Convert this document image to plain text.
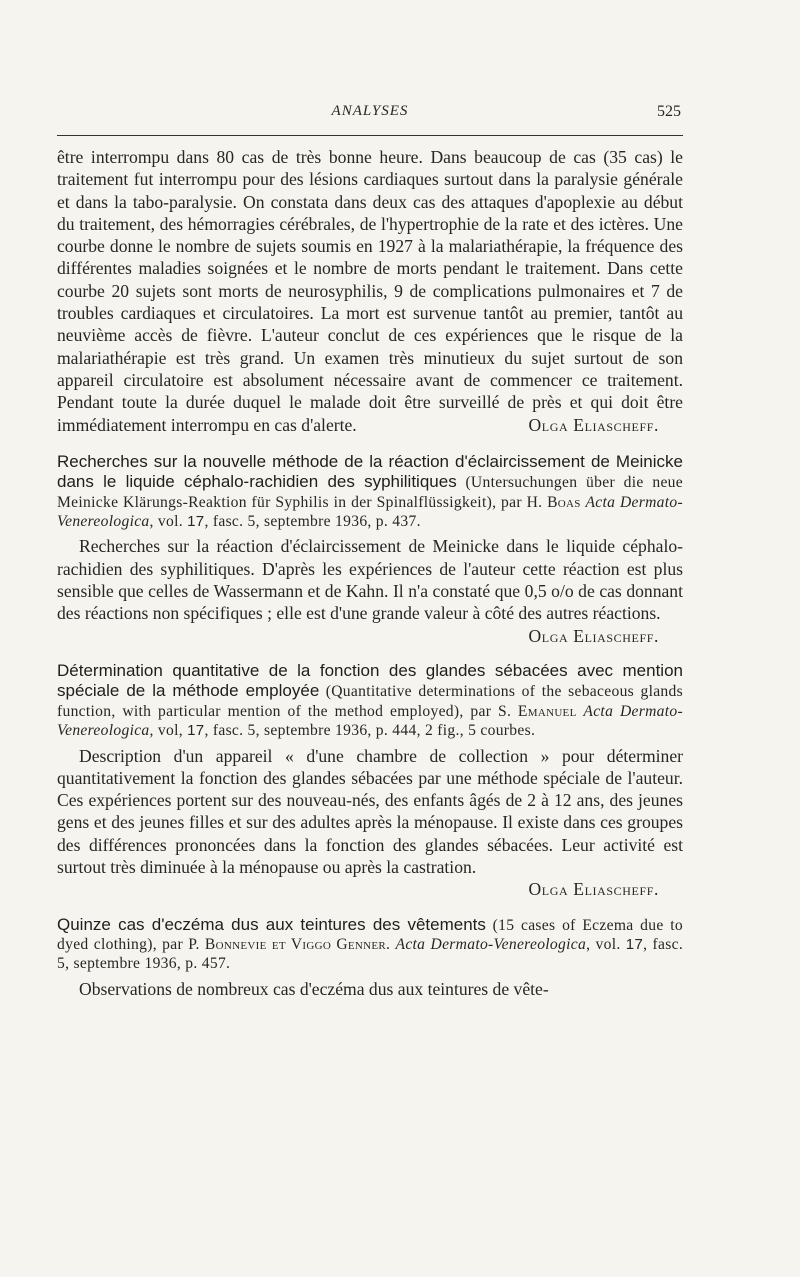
ANALYSES	525

être interrompu dans 80 cas de très bonne heure. Dans beaucoup de cas (35 cas) le traitement fut interrompu pour des lésions cardiaques surtout dans la paralysie générale et dans la tabo-paralysie. On constata dans deux cas des attaques d'apoplexie au début du traitement, des hémorragies cérébrales, de l'hypertrophie de la rate et des ictères. Une courbe donne le nombre de sujets soumis en 1927 à la malariathérapie, la fréquence des différentes maladies soignées et le nombre de morts pendant le traitement. Dans cette courbe 20 sujets sont morts de neurosyphilis, 9 de complications pulmonaires et 7 de troubles cardiaques et circulatoires. La mort est survenue tantôt au premier, tantôt au neuvième accès de fièvre. L'auteur conclut de ces expériences que le risque de la malariathérapie est très grand. Un examen très minutieux du sujet surtout de son appareil circulatoire est absolument nécessaire avant de commencer ce traitement. Pendant toute la durée duquel le malade doit être surveillé de près et qui doit être immédiatement interrompu en cas d'alerte.	Olga Eliascheff.

Recherches sur la nouvelle méthode de la réaction d'éclaircissement de Meinicke dans le liquide céphalo-rachidien des syphilitiques (Untersuchungen über die neue Meinicke Klärungs-Reaktion für Syphilis in der Spinalflüssigkeit), par H. Boas Acta Dermato-Venereologica, vol. 17, fasc. 5, septembre 1936, p. 437.

Recherches sur la réaction d'éclaircissement de Meinicke dans le liquide céphalo-rachidien des syphilitiques. D'après les expériences de l'auteur cette réaction est plus sensible que celles de Wassermann et de Kahn. Il n'a constaté que 0,5 o/o de cas donnant des réactions non spécifiques ; elle est d'une grande valeur à côté des autres réactions.

Olga Eliascheff.

Détermination quantitative de la fonction des glandes sébacées avec mention spéciale de la méthode employée (Quantitative determinations of the sebaceous glands function, with particular mention of the method employed), par S. Emanuel Acta Dermato-Venereologica, vol, 17, fasc. 5, septembre 1936, p. 444, 2 fig., 5 courbes.

Description d'un appareil « d'une chambre de collection » pour déterminer quantitativement la fonction des glandes sébacées par une méthode spéciale de l'auteur. Ces expériences portent sur des nouveau-nés, des enfants âgés de 2 à 12 ans, des jeunes gens et des jeunes filles et sur des adultes après la ménopause. Il existe dans ces groupes des différences prononcées dans la fonction des glandes sébacées. Leur activité est surtout très diminuée à la ménopause ou après la castration.

Olga Eliascheff.

Quinze cas d'eczéma dus aux teintures des vêtements (15 cases of Eczema due to dyed clothing), par P. Bonnevie et Viggo Genner. Acta Dermato-Venereologica, vol. 17, fasc. 5, septembre 1936, p. 457.

Observations de nombreux cas d'eczéma dus aux teintures de vête-
